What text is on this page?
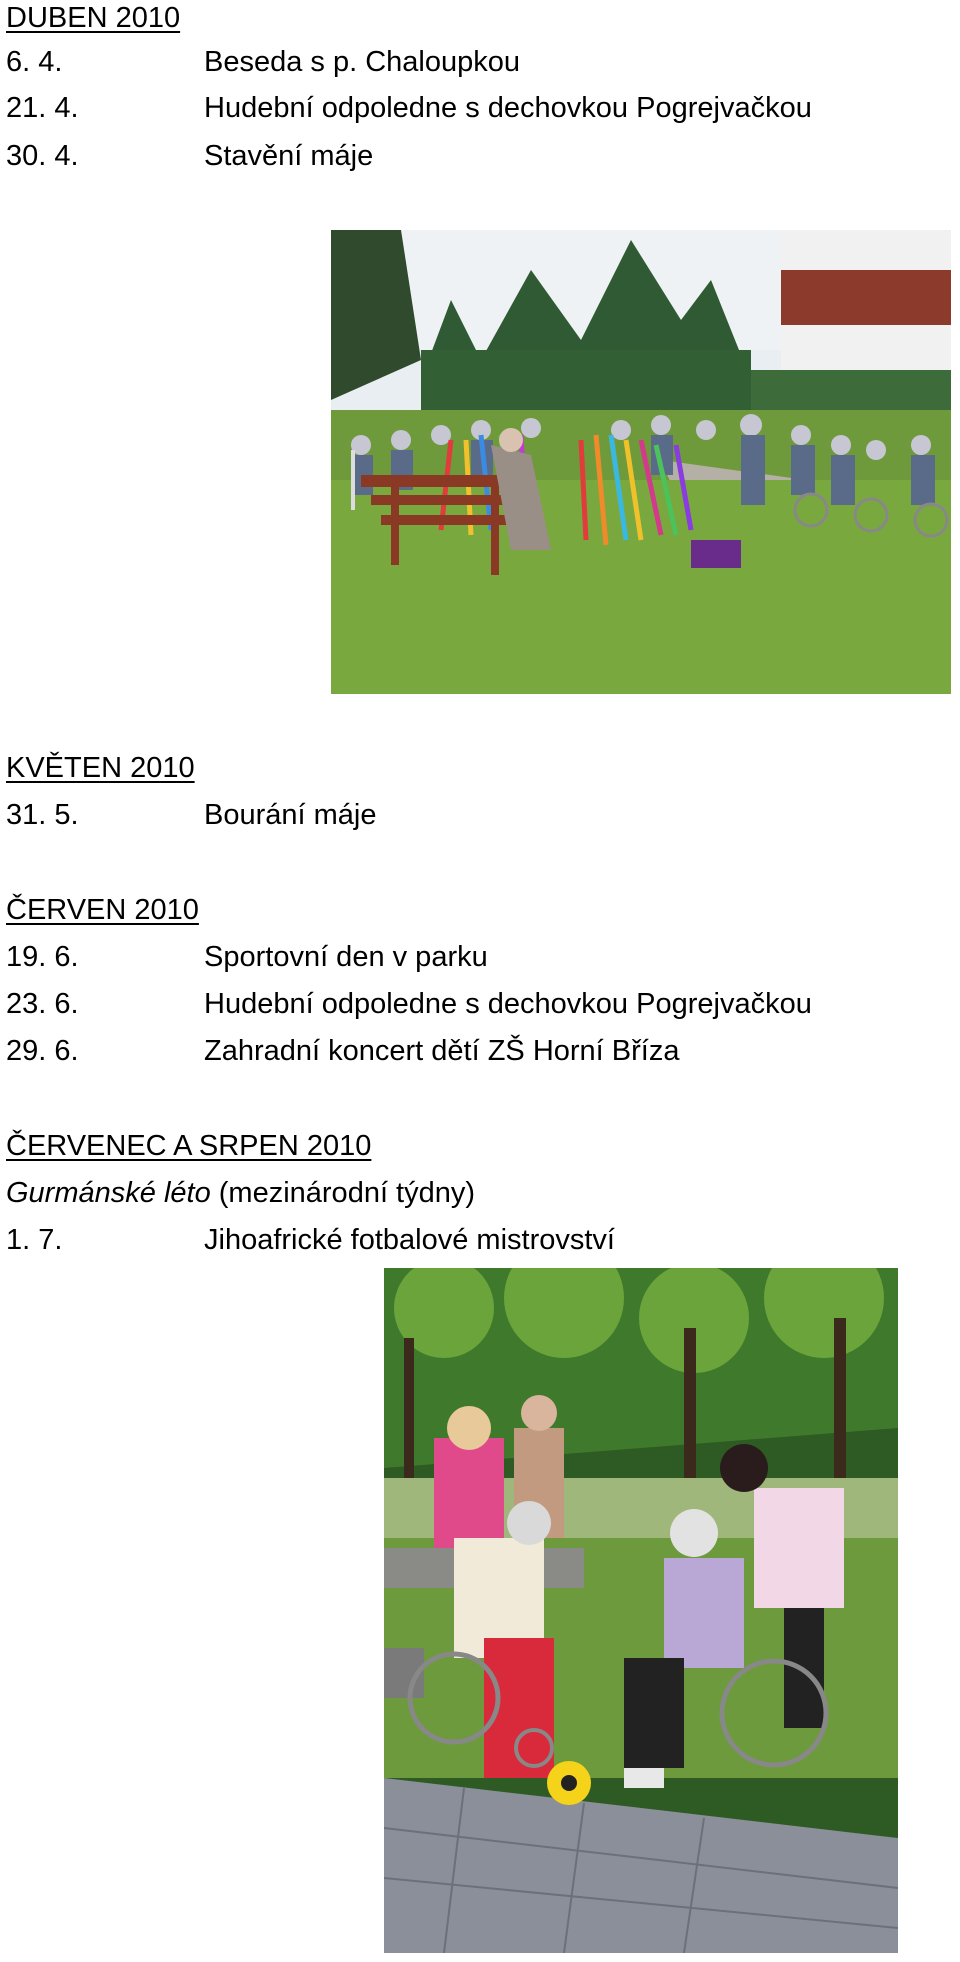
DUBEN 2010
6. 4.	Beseda s p. Chaloupkou
21. 4.	Hudební odpoledne s dechovkou Pogrejvačkou
30. 4.	Stavění máje
KVĚTEN 2010
31. 5.	Bourání máje
ČERVEN 2010
19. 6.	Sportovní den v parku
23. 6.	Hudební odpoledne s dechovkou Pogrejvačkou
29. 6.	Zahradní koncert dětí ZŠ Horní Bříza
ČERVENEC A SRPEN 2010
Gurmánské léto (mezinárodní týdny)
1. 7.	Jihoafrické fotbalové mistrovství
